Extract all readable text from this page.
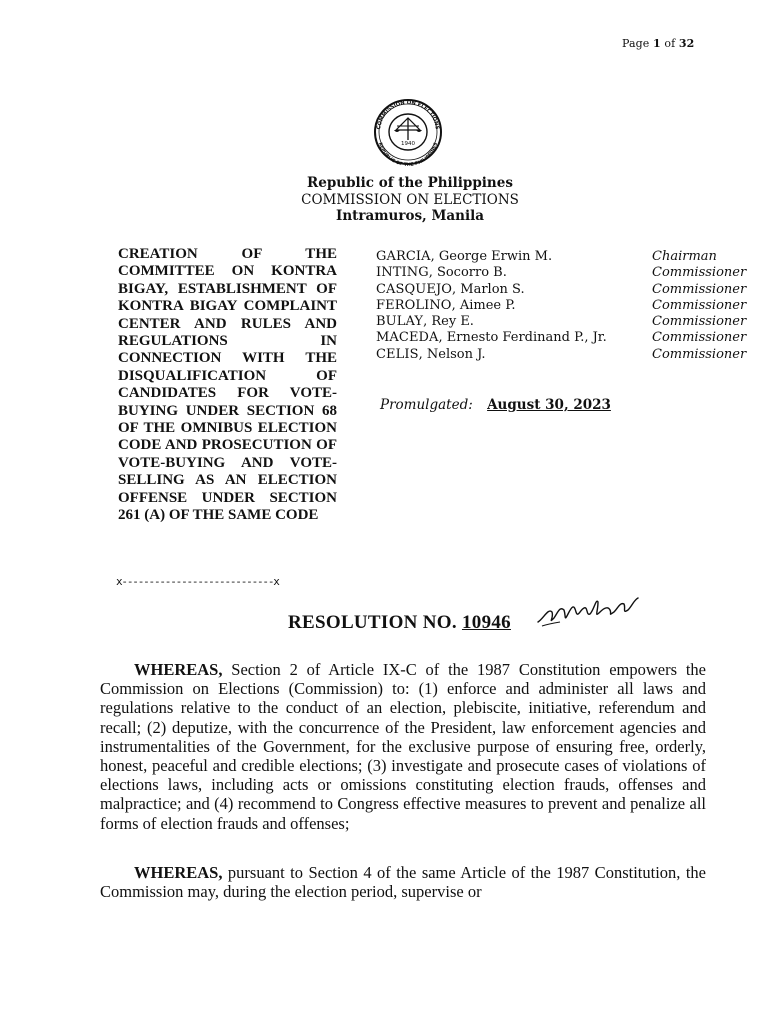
Page 1 of 32
COMMISSION ON ELECTIONS
REPUBLIC OF THE PHILIPPINES
1940
Republic of the Philippines
COMMISSION ON ELECTIONS
Intramuros, Manila
CREATION OF THE COMMITTEE ON KONTRA BIGAY, ESTABLISHMENT OF KONTRA BIGAY COMPLAINT CENTER AND RULES AND REGULATIONS IN CONNECTION WITH THE DISQUALIFICATION OF CANDIDATES FOR VOTE-BUYING UNDER SECTION 68 OF THE OMNIBUS ELECTION CODE AND PROSECUTION OF VOTE-BUYING AND VOTE-SELLING AS AN ELECTION OFFENSE UNDER SECTION 261 (A) OF THE SAME CODE
x----------------------------x
GARCIA, George Erwin M.	Chairman
INTING, Socorro B.	Commissioner
CASQUEJO, Marlon S.	Commissioner
FEROLINO, Aimee P.	Commissioner
BULAY, Rey E.	Commissioner
MACEDA, Ernesto Ferdinand P., Jr.	Commissioner
CELIS, Nelson J.	Commissioner
Promulgated: August 30, 2023
RESOLUTION NO. 10946
WHEREAS, Section 2 of Article IX-C of the 1987 Constitution empowers the Commission on Elections (Commission) to: (1) enforce and administer all laws and regulations relative to the conduct of an election, plebiscite, initiative, referendum and recall; (2) deputize, with the concurrence of the President, law enforcement agencies and instrumentalities of the Government, for the exclusive purpose of ensuring free, orderly, honest, peaceful and credible elections; (3) investigate and prosecute cases of violations of elections laws, including acts or omissions constituting election frauds, offenses and malpractice; and (4) recommend to Congress effective measures to prevent and penalize all forms of election frauds and offenses;
WHEREAS, pursuant to Section 4 of the same Article of the 1987 Constitution, the Commission may, during the election period, supervise or
